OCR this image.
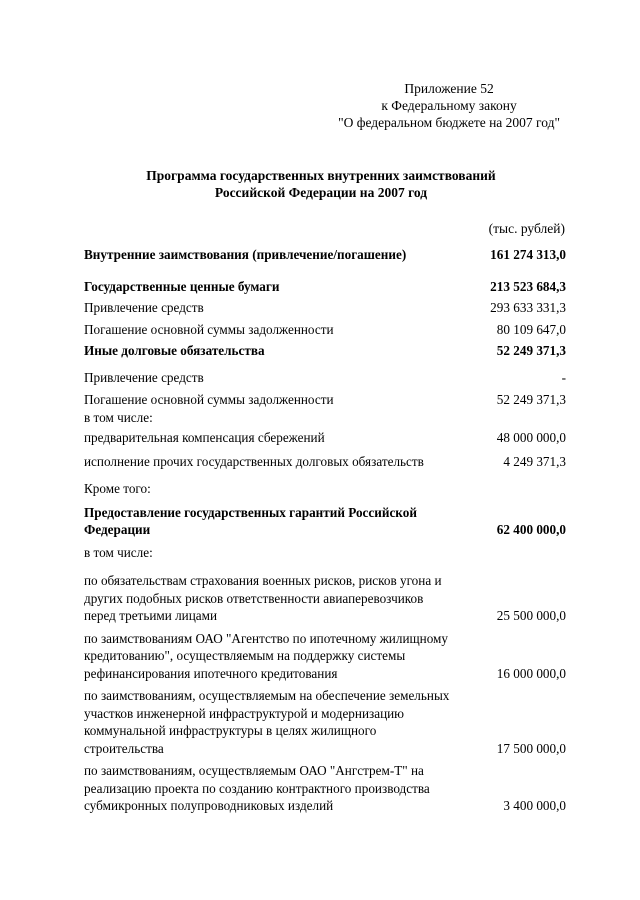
Приложение 52
к Федеральному закону
"О федеральном бюджете на 2007 год"
Программа государственных внутренних заимствований
Российской Федерации на 2007 год
(тыс. рублей)
Внутренние заимствования (привлечение/погашение)	161 274 313,0
Государственные ценные бумаги	213 523 684,3
Привлечение средств	293 633 331,3
Погашение основной суммы задолженности	80 109 647,0
Иные долговые обязательства	52 249 371,3
Привлечение средств	-
Погашение основной суммы задолженности	52 249 371,3
в том числе:
предварительная компенсация сбережений	48 000 000,0
исполнение прочих государственных долговых обязательств	4 249 371,3
Кроме того:
Предоставление государственных гарантий Российской Федерации	62 400 000,0
в том числе:
по обязательствам страхования военных рисков, рисков угона и других подобных рисков ответственности авиаперевозчиков перед третьими лицами	25 500 000,0
по заимствованиям ОАО "Агентство по ипотечному жилищному кредитованию", осуществляемым на поддержку системы рефинансирования ипотечного кредитования	16 000 000,0
по заимствованиям, осуществляемым на обеспечение земельных участков инженерной инфраструктурой и модернизацию коммунальной инфраструктуры в целях жилищного строительства	17 500 000,0
по заимствованиям, осуществляемым ОАО "Ангстрем-Т" на реализацию проекта по созданию контрактного производства субмикронных полупроводниковых изделий	3 400 000,0
